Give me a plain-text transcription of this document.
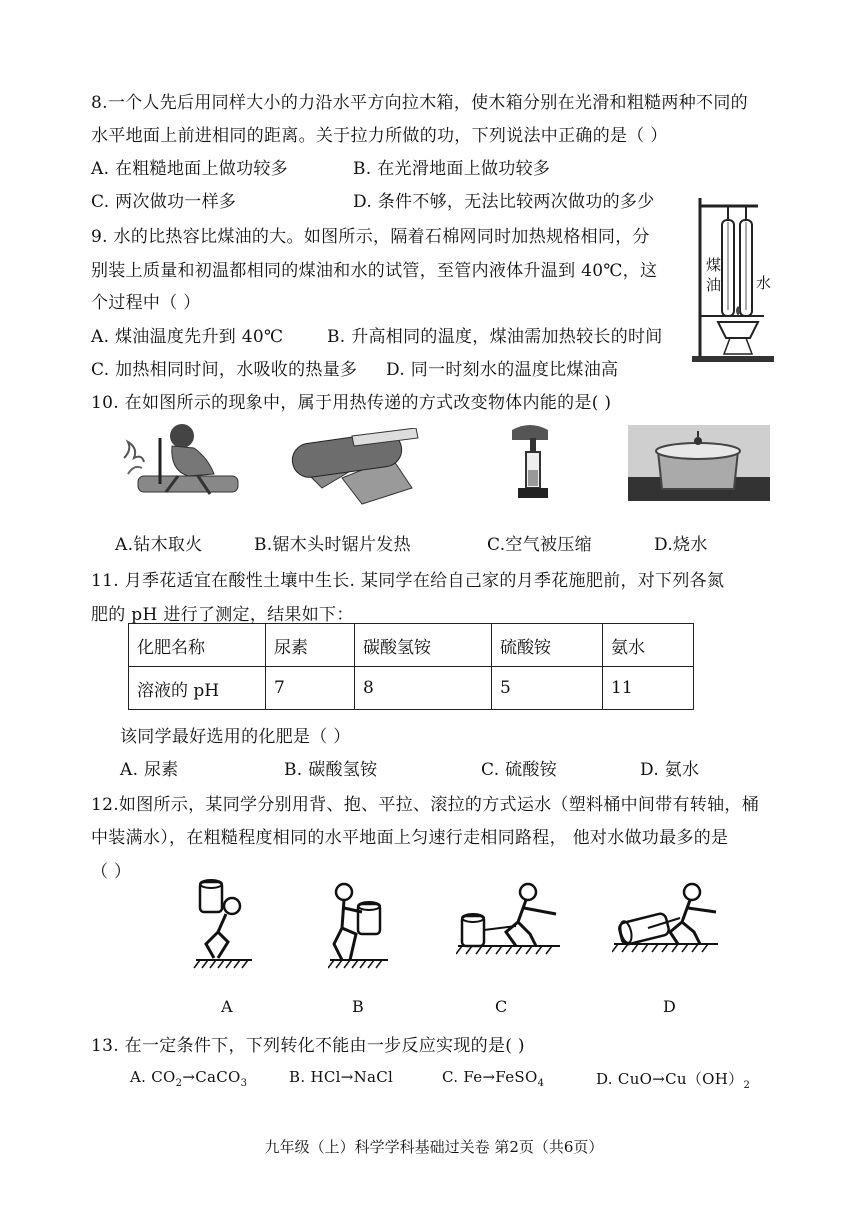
8.一个人先后用同样大小的力沿水平方向拉木箱，使木箱分别在光滑和粗糙两种不同的
水平地面上前进相同的距离。关于拉力所做的功，下列说法中正确的是（ ）
A. 在粗糙地面上做功较多	B. 在光滑地面上做功较多
C. 两次做功一样多	D. 条件不够，无法比较两次做功的多少
9. 水的比热容比煤油的大。如图所示，隔着石棉网同时加热规格相同，分
别装上质量和初温都相同的煤油和水的试管，至管内液体升温到 40℃，这
个过程中（ ）
A. 煤油温度先升到 40℃	B. 升高相同的温度，煤油需加热较长的时间
C. 加热相同时间，水吸收的热量多 D. 同一时刻水的温度比煤油高
煤
油 水
10. 在如图所示的现象中，属于用热传递的方式改变物体内能的是( )
A.钻木取火	B.锯木头时锯片发热	C.空气被压缩	D.烧水
11. 月季花适宜在酸性土壤中生长. 某同学在给自己家的月季花施肥前，对下列各氮
肥的 pH 进行了测定，结果如下：
化肥名称	尿素	碳酸氢铵	硫酸铵	氨水
溶液的 pH	7	8	5	11
该同学最好选用的化肥是（ ）
A. 尿素	B. 碳酸氢铵	C. 硫酸铵	D. 氨水
12.如图所示，某同学分别用背、抱、平拉、滚拉的方式运水（塑料桶中间带有转轴，桶
中装满水），在粗糙程度相同的水平地面上匀速行走相同路程， 他对水做功最多的是
（ ）
A	B	C	D
13. 在一定条件下，下列转化不能由一步反应实现的是( )
A. $CO_2\to CaCO_3$	B. HCl→NaCl	C. Fe→FeSO$_4$	D. $CuO\to Cu(OH)_2$
九年级（上）科学学科基础过关卷 第2页（共6页）
